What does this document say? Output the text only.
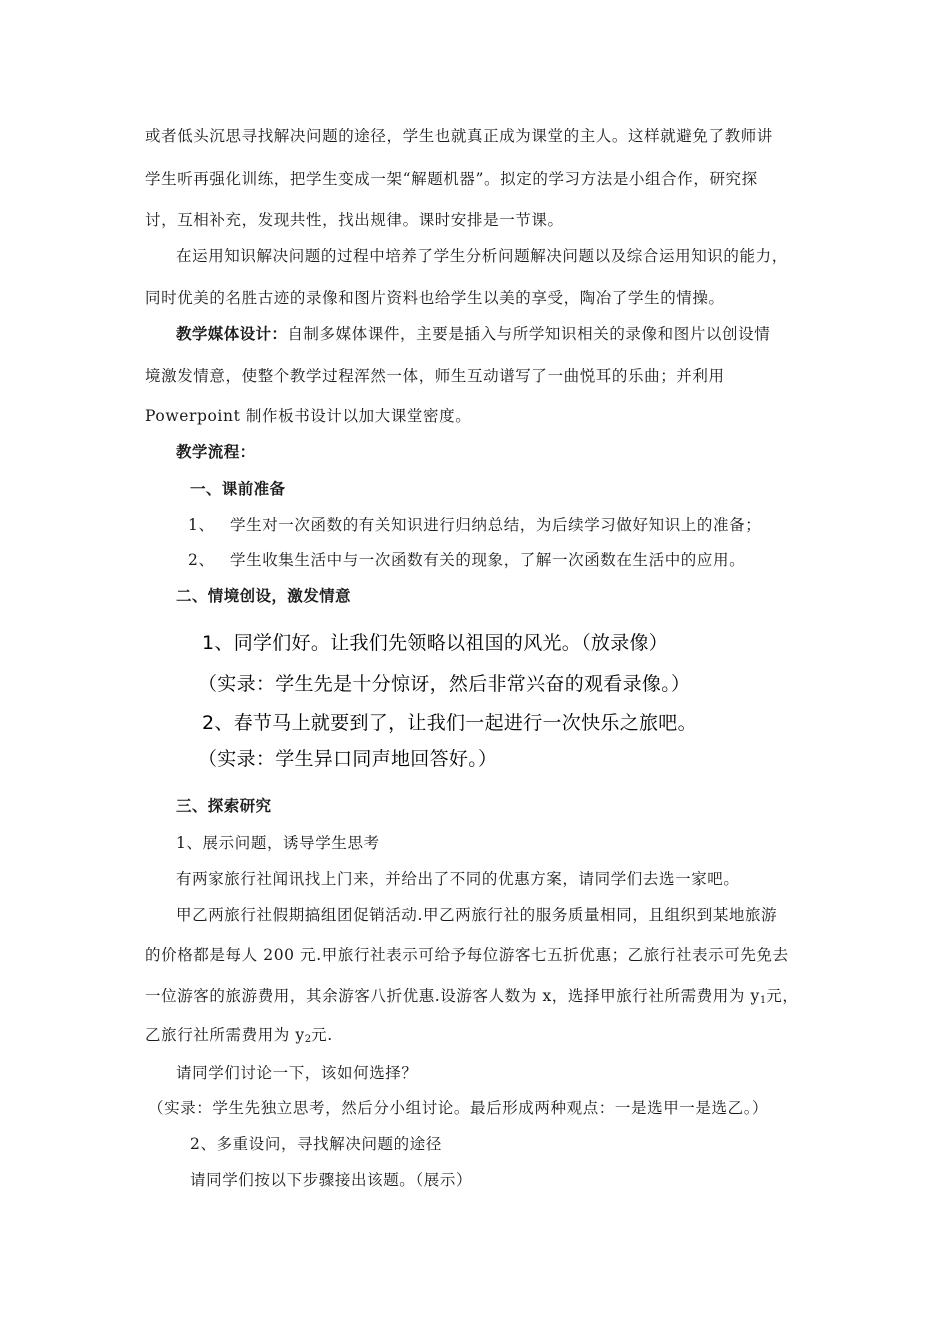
或者低头沉思寻找解决问题的途径，学生也就真正成为课堂的主人。这样就避免了教师讲
学生听再强化训练，把学生变成一架“解题机器”。拟定的学习方法是小组合作，研究探
讨，互相补充，发现共性，找出规律。课时安排是一节课。
在运用知识解决问题的过程中培养了学生分析问题解决问题以及综合运用知识的能力，
同时优美的名胜古迹的录像和图片资料也给学生以美的享受，陶冶了学生的情操。
教学媒体设计：自制多媒体课件，主要是插入与所学知识相关的录像和图片以创设情
境激发情意，使整个教学过程浑然一体，师生互动谱写了一曲悦耳的乐曲；并利用
Powerpoint 制作板书设计以加大课堂密度。
教学流程：
一、课前准备
1、 学生对一次函数的有关知识进行归纳总结，为后续学习做好知识上的准备；
2、 学生收集生活中与一次函数有关的现象，了解一次函数在生活中的应用。
二、情境创设，激发情意
1、同学们好。让我们先领略以祖国的风光。（放录像）
（实录：学生先是十分惊讶，然后非常兴奋的观看录像。）
2、春节马上就要到了，让我们一起进行一次快乐之旅吧。
（实录：学生异口同声地回答好。）
三、探索研究
1、展示问题，诱导学生思考
有两家旅行社闻讯找上门来，并给出了不同的优惠方案，请同学们去选一家吧。
甲乙两旅行社假期搞组团促销活动.甲乙两旅行社的服务质量相同，且组织到某地旅游
的价格都是每人 200 元.甲旅行社表示可给予每位游客七五折优惠；乙旅行社表示可先免去
一位游客的旅游费用，其余游客八折优惠.设游客人数为 x，选择甲旅行社所需费用为 $y_1$元，
乙旅行社所需费用为 $y_2$元.
请同学们讨论一下，该如何选择？
（实录：学生先独立思考，然后分小组讨论。最后形成两种观点：一是选甲一是选乙。）
2、多重设问，寻找解决问题的途径
请同学们按以下步骤接出该题。（展示）
